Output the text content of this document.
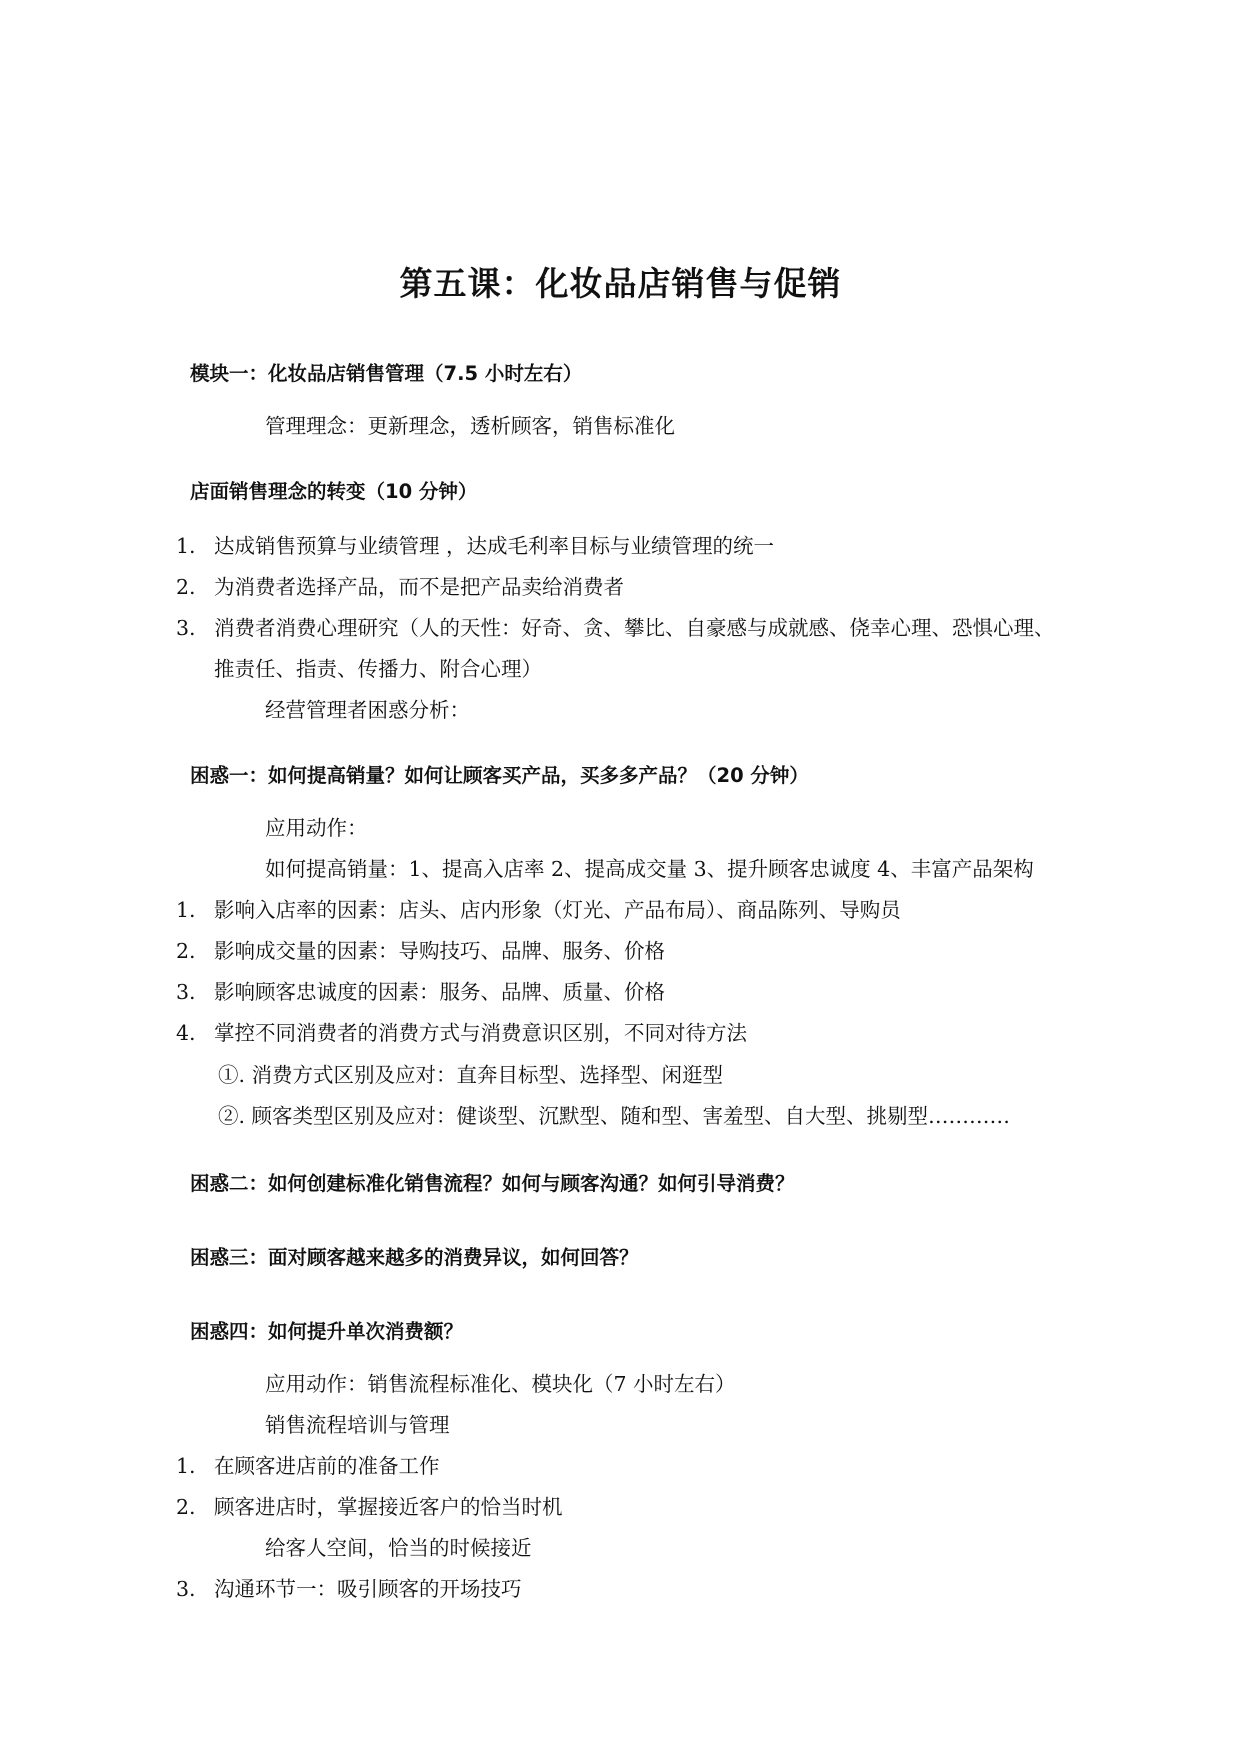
第五课：化妆品店销售与促销
模块一：化妆品店销售管理（7.5 小时左右）
管理理念：更新理念，透析顾客，销售标准化
店面销售理念的转变（10 分钟）
1. 达成销售预算与业绩管理 ，达成毛利率目标与业绩管理的统一
2. 为消费者选择产品，而不是把产品卖给消费者
3. 消费者消费心理研究（人的天性：好奇、贪、攀比、自豪感与成就感、侥幸心理、恐惧心理、
推责任、指责、传播力、附合心理）
经营管理者困惑分析：
困惑一：如何提高销量？如何让顾客买产品，买多多产品？（20 分钟）
应用动作：
如何提高销量：1、提高入店率 2、提高成交量 3、提升顾客忠诚度 4、丰富产品架构
1. 影响入店率的因素：店头、店内形象（灯光、产品布局）、商品陈列、导购员
2. 影响成交量的因素：导购技巧、品牌、服务、价格
3. 影响顾客忠诚度的因素：服务、品牌、质量、价格
4. 掌控不同消费者的消费方式与消费意识区别，不同对待方法
①. 消费方式区别及应对：直奔目标型、选择型、闲逛型
②. 顾客类型区别及应对：健谈型、沉默型、随和型、害羞型、自大型、挑剔型…………
困惑二：如何创建标准化销售流程？如何与顾客沟通？如何引导消费？
困惑三：面对顾客越来越多的消费异议，如何回答？
困惑四：如何提升单次消费额？
应用动作：销售流程标准化、模块化（7 小时左右）
销售流程培训与管理
1. 在顾客进店前的准备工作
2. 顾客进店时，掌握接近客户的恰当时机
给客人空间，恰当的时候接近
3. 沟通环节一：吸引顾客的开场技巧
